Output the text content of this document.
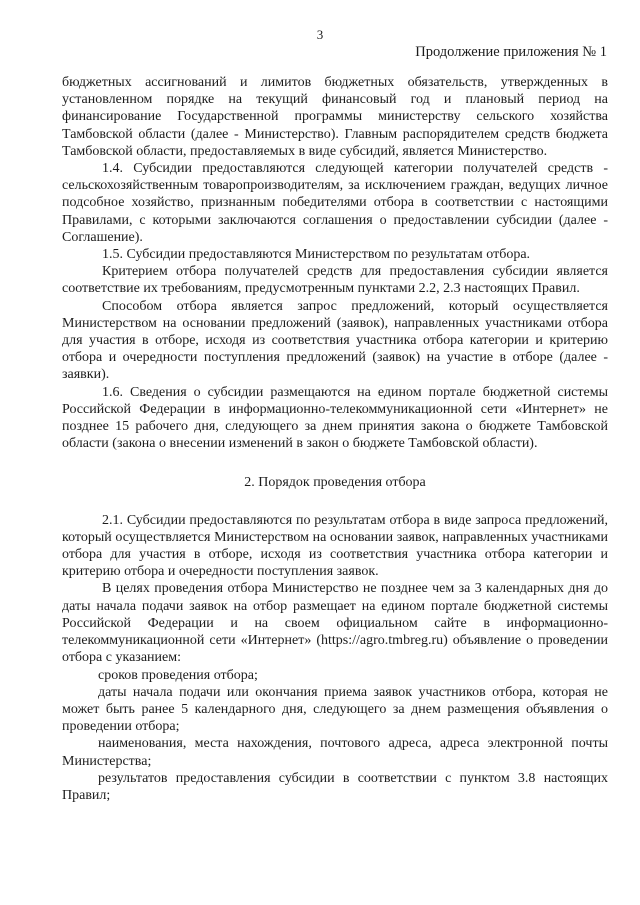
3
Продолжение приложения № 1

бюджетных ассигнований и лимитов бюджетных обязательств, утвержденных в установленном порядке на текущий финансовый год и плановый период на финансирование Государственной программы министерству сельского хозяйства Тамбовской области (далее - Министерство). Главным распорядителем средств бюджета Тамбовской области, предоставляемых в виде субсидий, является Министерство.

1.4. Субсидии предоставляются следующей категории получателей средств - сельскохозяйственным товаропроизводителям, за исключением граждан, ведущих личное подсобное хозяйство, признанным победителями отбора в соответствии с настоящими Правилами, с которыми заключаются соглашения о предоставлении субсидии (далее - Соглашение).

1.5. Субсидии предоставляются Министерством по результатам отбора.

Критерием отбора получателей средств для предоставления субсидии является соответствие их требованиям, предусмотренным пунктами 2.2, 2.3 настоящих Правил.

Способом отбора является запрос предложений, который осуществляется Министерством на основании предложений (заявок), направленных участниками отбора для участия в отборе, исходя из соответствия участника отбора категории и критерию отбора и очередности поступления предложений (заявок) на участие в отборе (далее - заявки).

1.6. Сведения о субсидии размещаются на едином портале бюджетной системы Российской Федерации в информационно-телекоммуникационной сети «Интернет» не позднее 15 рабочего дня, следующего за днем принятия закона о бюджете Тамбовской области (закона о внесении изменений в закон о бюджете Тамбовской области).

2. Порядок проведения отбора

2.1. Субсидии предоставляются по результатам отбора в виде запроса предложений, который осуществляется Министерством на основании заявок, направленных участниками отбора для участия в отборе, исходя из соответствия участника отбора категории и критерию отбора и очередности поступления заявок.

В целях проведения отбора Министерство не позднее чем за 3 календарных дня до даты начала подачи заявок на отбор размещает на едином портале бюджетной системы Российской Федерации и на своем официальном сайте в информационно-телекоммуникационной сети «Интернет» (https://agro.tmbreg.ru) объявление о проведении отбора с указанием:

сроков проведения отбора;

даты начала подачи или окончания приема заявок участников отбора, которая не может быть ранее 5 календарного дня, следующего за днем размещения объявления о проведении отбора;

наименования, места нахождения, почтового адреса, адреса электронной почты Министерства;

результатов предоставления субсидии в соответствии с пунктом 3.8 настоящих Правил;
